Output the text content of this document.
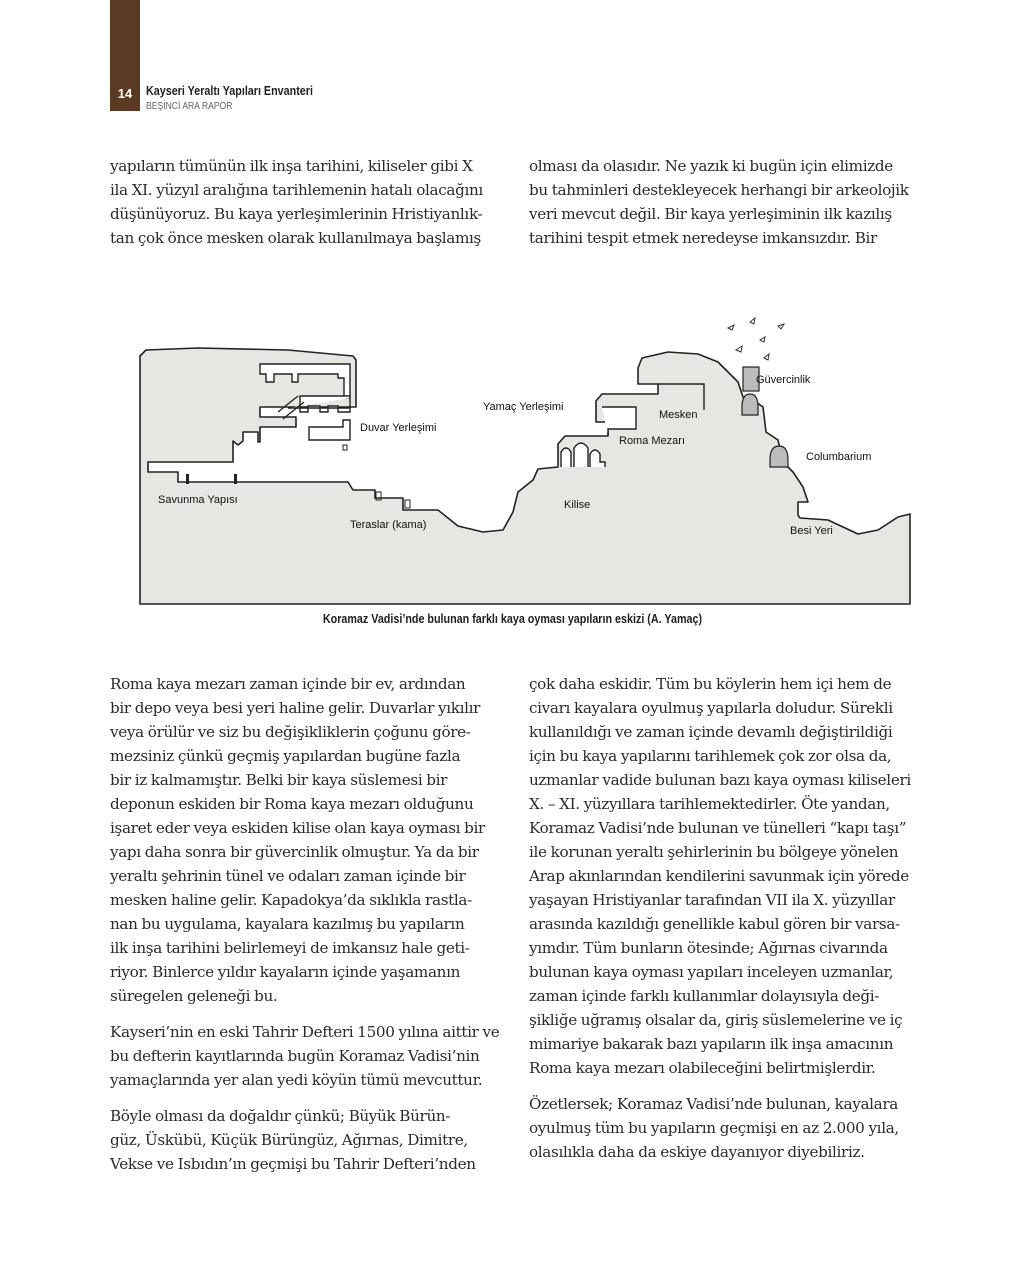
14	Kayseri Yeraltı Yapıları Envanteri
BEŞİNCİ ARA RAPOR
yapıların tümünün ilk inşa tarihini, kiliseler gibi X
ila XI. yüzyıl aralığına tarihlemenin hatalı olacağını
düşünüyoruz. Bu kaya yerleşimlerinin Hristiyanlık-
tan çok önce mesken olarak kullanılmaya başlamış
olması da olasıdır. Ne yazık ki bugün için elimizde
bu tahminleri destekleyecek herhangi bir arkeolojik
veri mevcut değil. Bir kaya yerleşiminin ilk kazılış
tarihini tespit etmek neredeyse imkansızdır. Bir
Savunma Yapısı
Duvar Yerleşimi
Teraslar (kama)
Yamaç Yerleşimi
Kilise
Roma Mezarı
Mesken
Güvercinlik
Columbarium
Besi Yeri
Koramaz Vadisi’nde bulunan farklı kaya oyması yapıların eskizi (A. Yamaç)

Roma kaya mezarı zaman içinde bir ev, ardından
bir depo veya besi yeri haline gelir. Duvarlar yıkılır
veya örülür ve siz bu değişikliklerin çoğunu göre-
mezsiniz çünkü geçmiş yapılardan bugüne fazla
bir iz kalmamıştır. Belki bir kaya süslemesi bir
deponun eskiden bir Roma kaya mezarı olduğunu
işaret eder veya eskiden kilise olan kaya oyması bir
yapı daha sonra bir güvercinlik olmuştur. Ya da bir
yeraltı şehrinin tünel ve odaları zaman içinde bir
mesken haline gelir. Kapadokya’da sıklıkla rastla-
nan bu uygulama, kayalara kazılmış bu yapıların
ilk inşa tarihini belirlemeyi de imkansız hale geti-
riyor. Binlerce yıldır kayaların içinde yaşamanın
süregelen geleneği bu.

Kayseri’nin en eski Tahrir Defteri 1500 yılına aittir ve
bu defterin kayıtlarında bugün Koramaz Vadisi’nin
yamaçlarında yer alan yedi köyün tümü mevcuttur.

Böyle olması da doğaldır çünkü; Büyük Bürün-
güz, Üskübü, Küçük Bürüngüz, Ağırnas, Dimitre,
Vekse ve Isbıdın’ın geçmişi bu Tahrir Defteri’nden

çok daha eskidir. Tüm bu köylerin hem içi hem de
civarı kayalara oyulmuş yapılarla doludur. Sürekli
kullanıldığı ve zaman içinde devamlı değiştirildiği
için bu kaya yapılarını tarihlemek çok zor olsa da,
uzmanlar vadide bulunan bazı kaya oyması kiliseleri
X. – XI. yüzyıllara tarihlemektedirler. Öte yandan,
Koramaz Vadisi’nde bulunan ve tünelleri “kapı taşı”
ile korunan yeraltı şehirlerinin bu bölgeye yönelen
Arap akınlarından kendilerini savunmak için yörede
yaşayan Hristiyanlar tarafından VII ila X. yüzyıllar
arasında kazıldığı genellikle kabul gören bir varsa-
yımdır. Tüm bunların ötesinde; Ağırnas civarında
bulunan kaya oyması yapıları inceleyen uzmanlar,
zaman içinde farklı kullanımlar dolayısıyla deği-
şikliğe uğramış olsalar da, giriş süslemelerine ve iç
mimariye bakarak bazı yapıların ilk inşa amacının
Roma kaya mezarı olabileceğini belirtmişlerdir.

Özetlersek; Koramaz Vadisi’nde bulunan, kayalara
oyulmuş tüm bu yapıların geçmişi en az 2.000 yıla,
olasılıkla daha da eskiye dayanıyor diyebiliriz.
